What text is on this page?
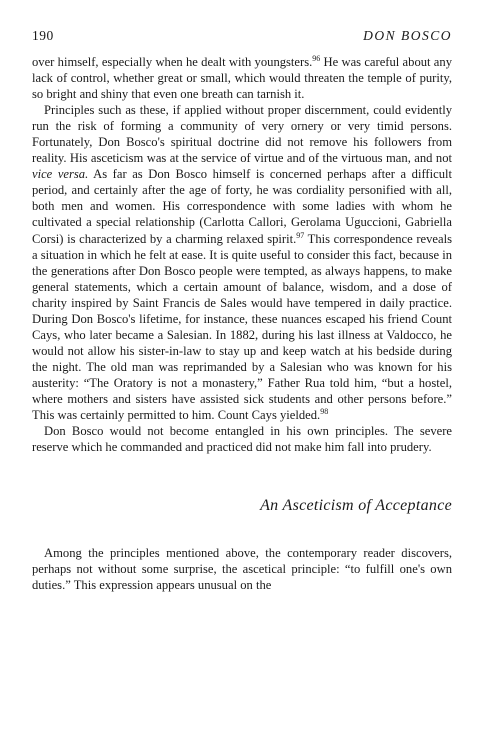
190	DON BOSCO

over himself, especially when he dealt with youngsters.$^{96}$ He was careful about any lack of control, whether great or small, which would threaten the temple of purity, so bright and shiny that even one breath can tarnish it.

Principles such as these, if applied without proper discernment, could evidently run the risk of forming a community of very ornery or very timid persons. Fortunately, Don Bosco's spiritual doctrine did not remove his followers from reality. His asceticism was at the service of virtue and of the virtuous man, and not vice versa. As far as Don Bosco himself is concerned perhaps after a difficult period, and certainly after the age of forty, he was cordiality personified with all, both men and women. His correspondence with some ladies with whom he cultivated a special relationship (Carlotta Callori, Gerolama Uguccioni, Gabriella Corsi) is characterized by a charming relaxed spirit.$^{97}$ This correspondence reveals a situation in which he felt at ease. It is quite useful to consider this fact, because in the generations after Don Bosco people were tempted, as always happens, to make general statements, which a certain amount of balance, wisdom, and a dose of charity inspired by Saint Francis de Sales would have tempered in daily practice. During Don Bosco's lifetime, for instance, these nuances escaped his friend Count Cays, who later became a Salesian. In 1882, during his last illness at Valdocco, he would not allow his sister-in-law to stay up and keep watch at his bedside during the night. The old man was reprimanded by a Salesian who was known for his austerity: “The Oratory is not a monastery,” Father Rua told him, “but a hostel, where mothers and sisters have assisted sick students and other persons before.” This was certainly permitted to him. Count Cays yielded.$^{98}$

Don Bosco would not become entangled in his own principles. The severe reserve which he commanded and practiced did not make him fall into prudery.

An Asceticism of Acceptance

Among the principles mentioned above, the contemporary reader discovers, perhaps not without some surprise, the ascetical principle: “to fulfill one's own duties.” This expression appears unusual on the
